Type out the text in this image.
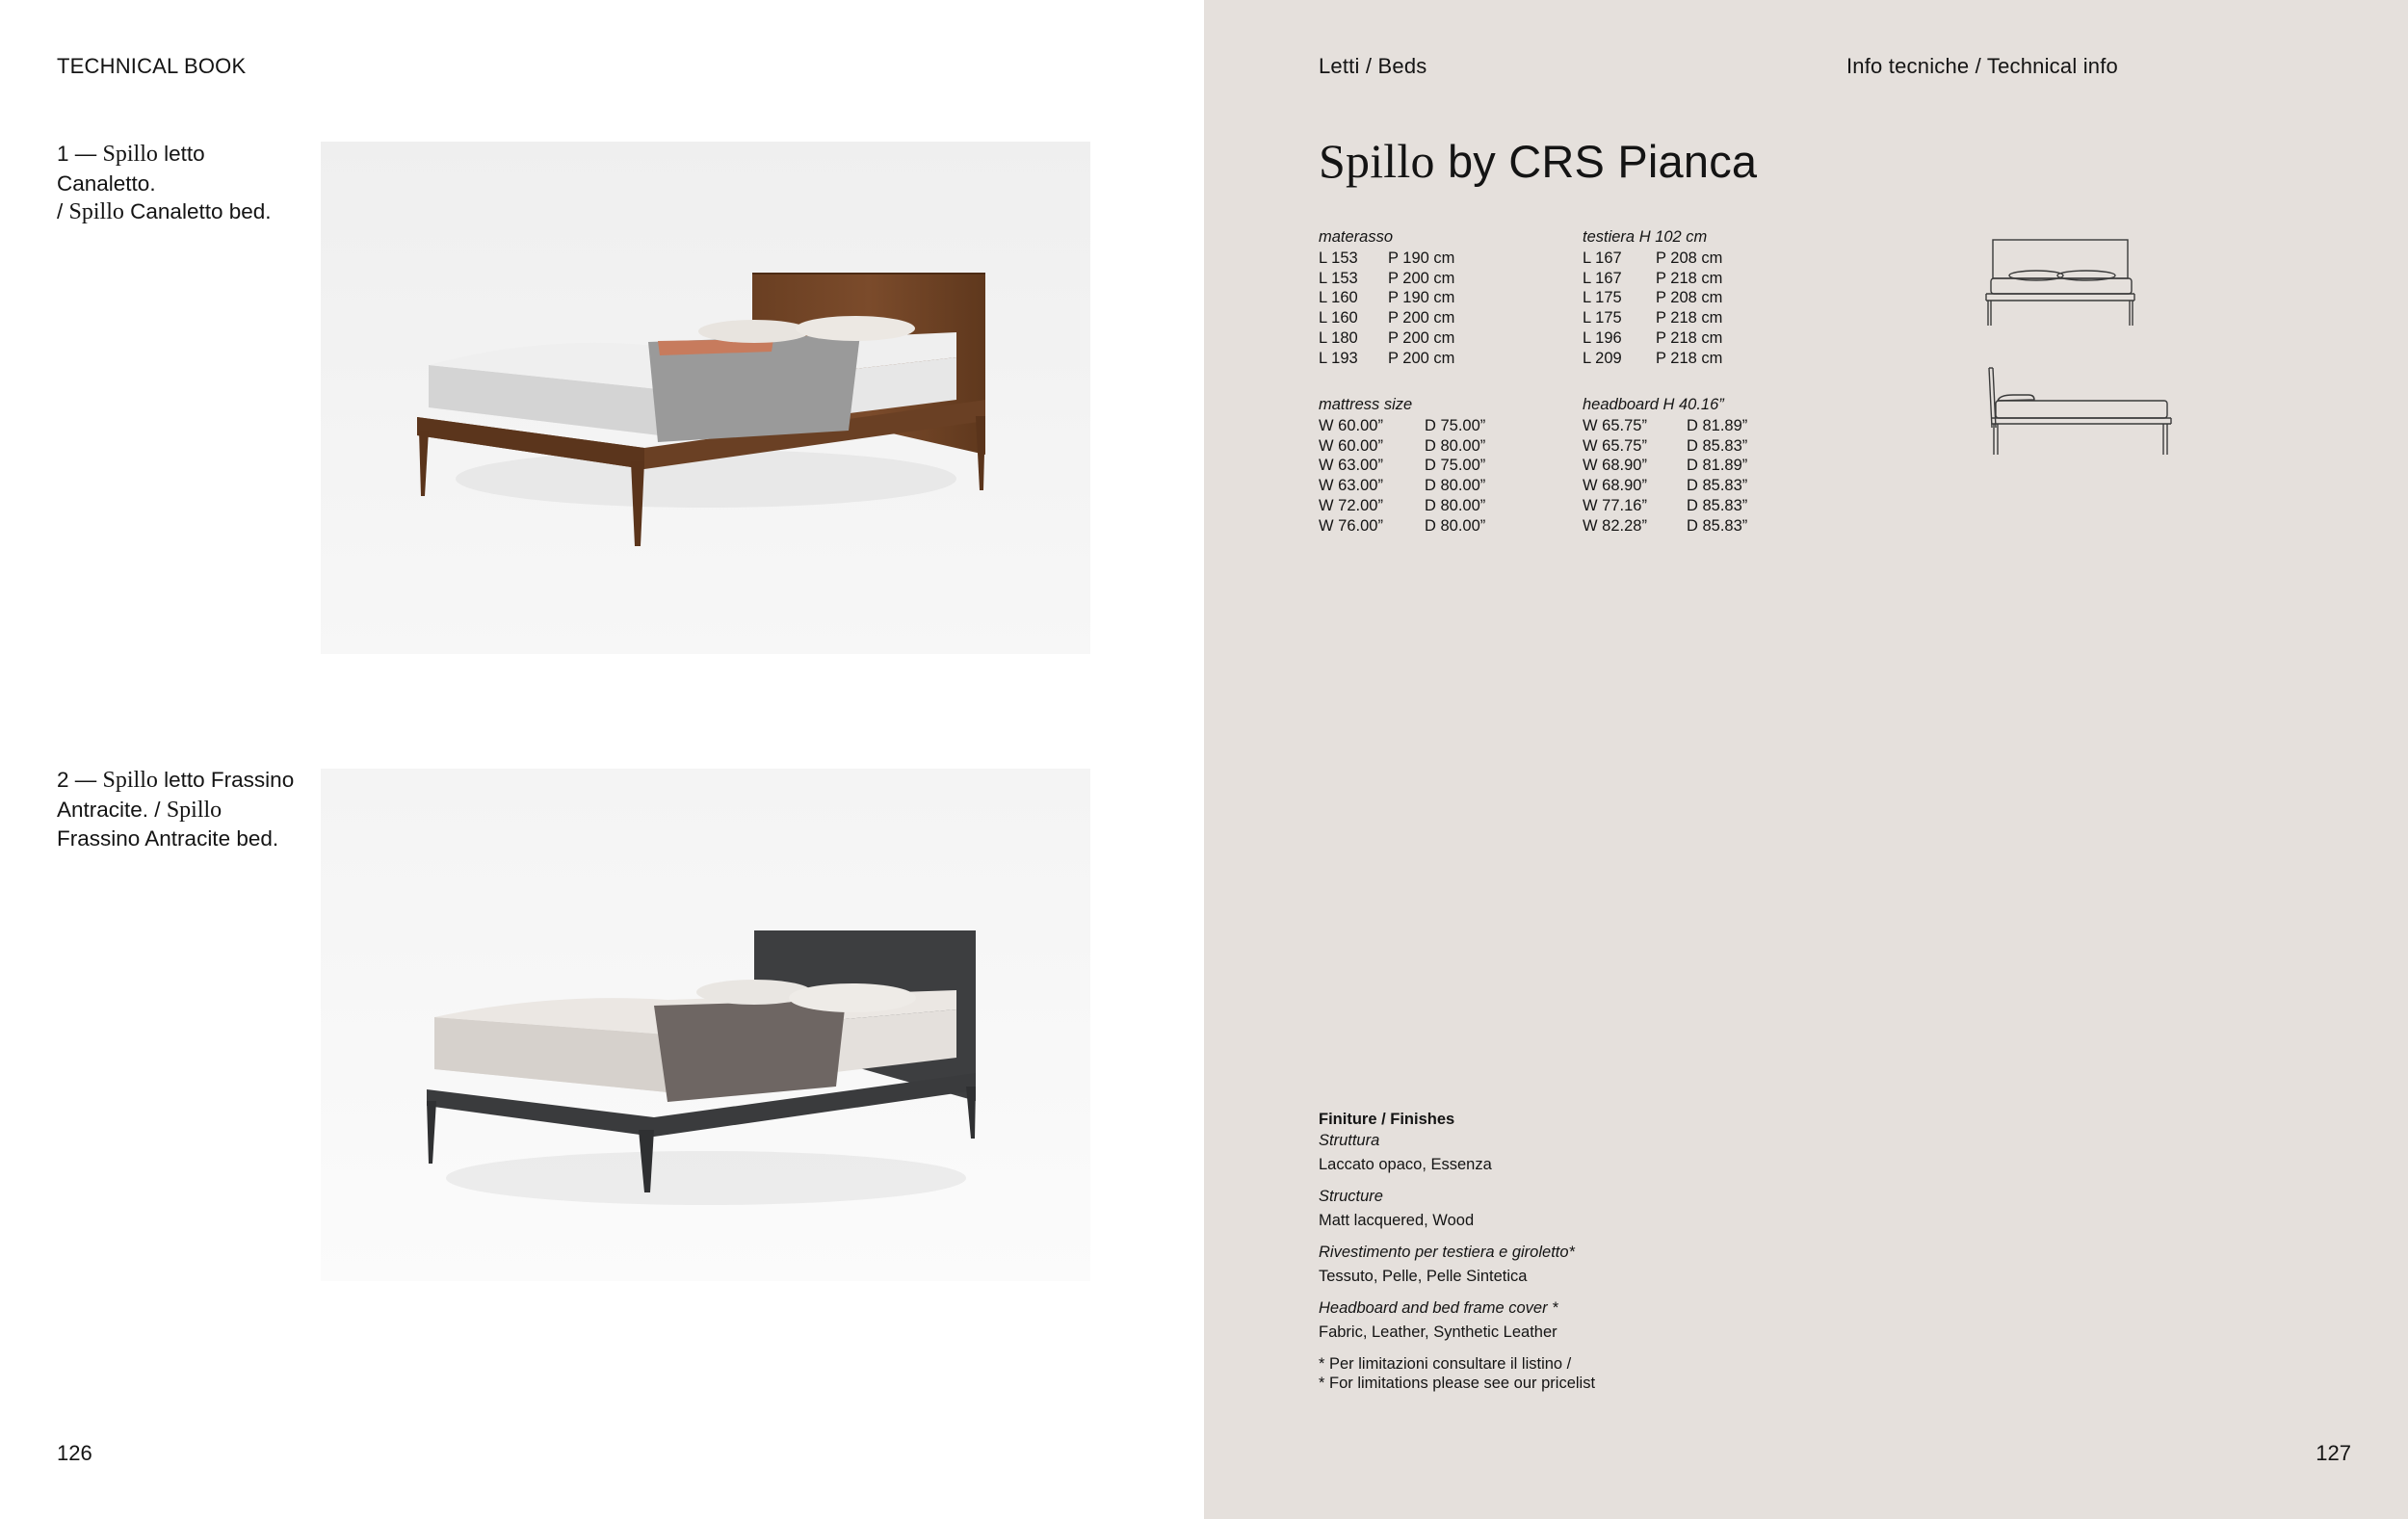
TECHNICAL BOOK
1 — Spillo letto Canaletto.
/ Spillo Canaletto bed.
2 — Spillo letto Frassino
Antracite. / Spillo
Frassino Antracite bed.
126
Letti / Beds	Info tecniche / Technical info
Spillo by CRS Pianca
materasso
L 153 P 190 cm
L 153 P 200 cm
L 160 P 190 cm
L 160 P 200 cm
L 180 P 200 cm
L 193 P 200 cm
testiera H 102 cm
L 167 P 208 cm
L 167 P 218 cm
L 175 P 208 cm
L 175 P 218 cm
L 196 P 218 cm
L 209 P 218 cm
mattress size
W 60.00”	D 75.00”
W 60.00”	D 80.00”
W 63.00”	D 75.00”
W 63.00”	D 80.00”
W 72.00”	D 80.00”
W 76.00”	D 80.00”
headboard H 40.16”
W 65.75” D 81.89”
W 65.75” D 85.83”
W 68.90” D 81.89”
W 68.90” D 85.83”
W 77.16” D 85.83”
W 82.28” D 85.83”
Finiture / Finishes
Struttura
Laccato opaco, Essenza
Structure
Matt lacquered, Wood
Rivestimento per testiera e giroletto*
Tessuto, Pelle, Pelle Sintetica
Headboard and bed frame cover *
Fabric, Leather, Synthetic Leather
* Per limitazioni consultare il listino /
* For limitations please see our pricelist
127
